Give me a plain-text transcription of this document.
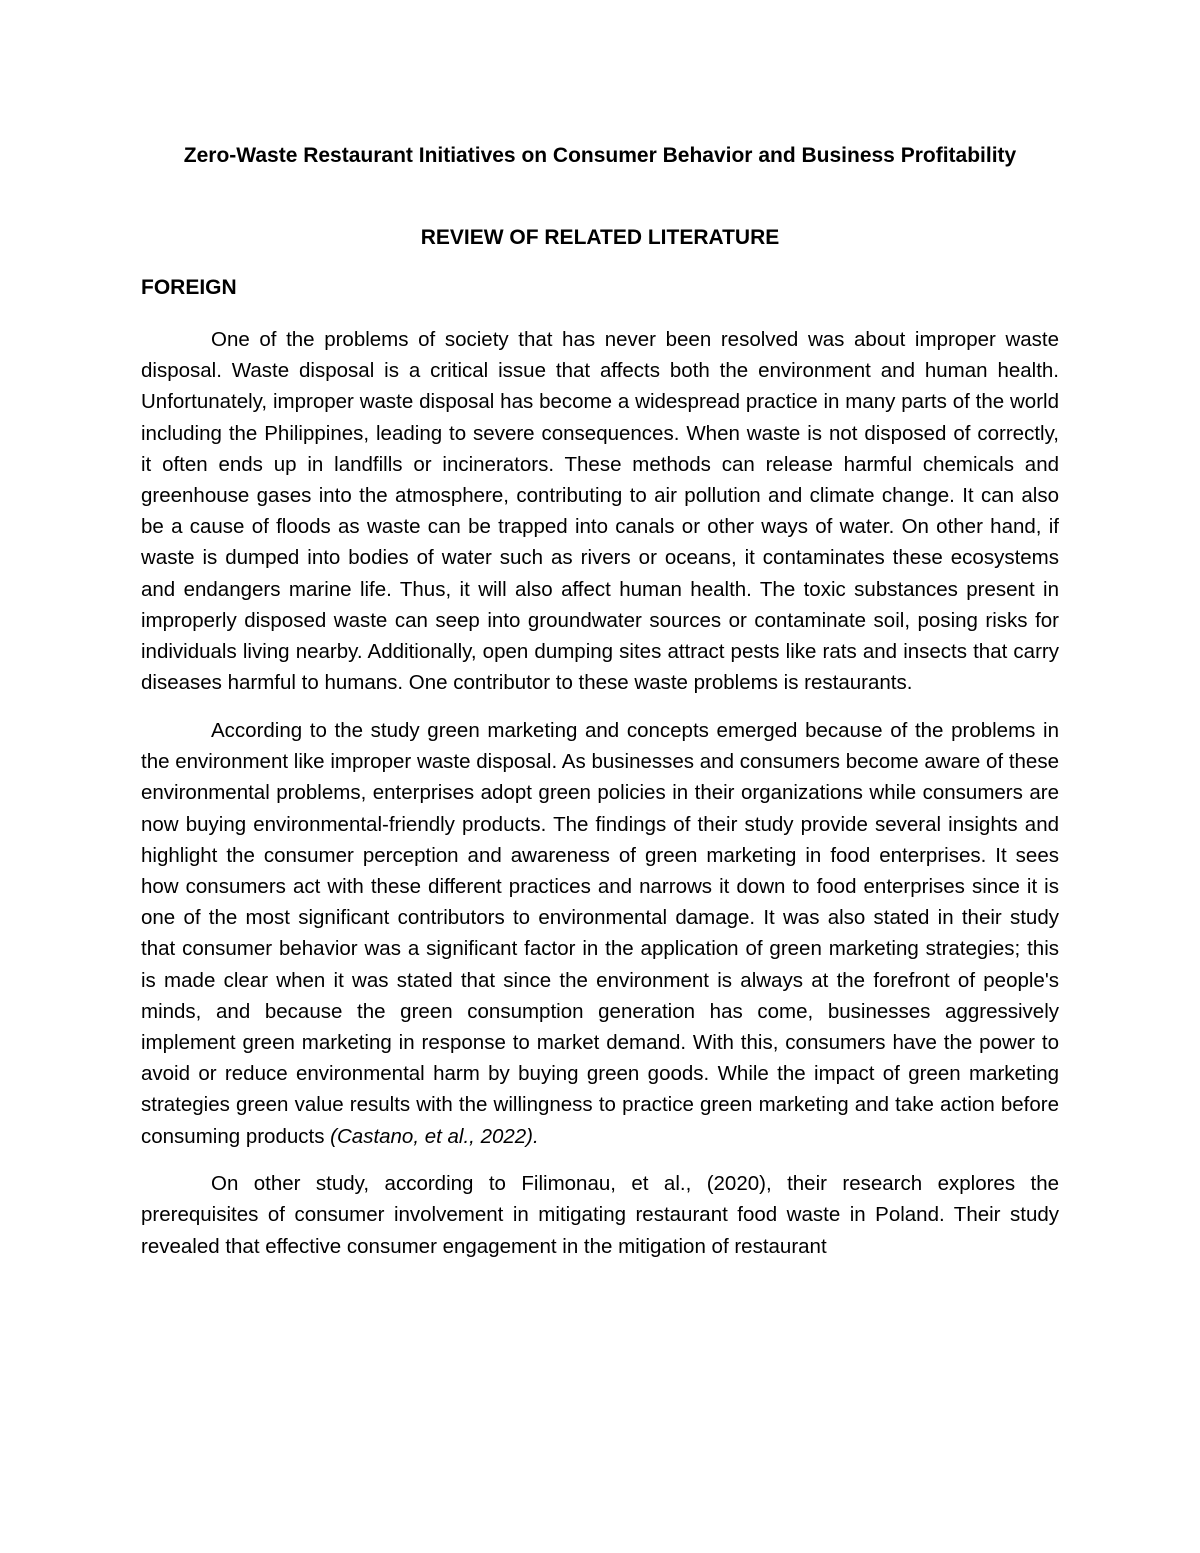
Zero-Waste Restaurant Initiatives on Consumer Behavior and Business Profitability
REVIEW OF RELATED LITERATURE
FOREIGN

One of the problems of society that has never been resolved was about improper waste disposal. Waste disposal is a critical issue that affects both the environment and human health. Unfortunately, improper waste disposal has become a widespread practice in many parts of the world including the Philippines, leading to severe consequences. When waste is not disposed of correctly, it often ends up in landfills or incinerators. These methods can release harmful chemicals and greenhouse gases into the atmosphere, contributing to air pollution and climate change. It can also be a cause of floods as waste can be trapped into canals or other ways of water. On other hand, if waste is dumped into bodies of water such as rivers or oceans, it contaminates these ecosystems and endangers marine life. Thus, it will also affect human health. The toxic substances present in improperly disposed waste can seep into groundwater sources or contaminate soil, posing risks for individuals living nearby. Additionally, open dumping sites attract pests like rats and insects that carry diseases harmful to humans. One contributor to these waste problems is restaurants.

According to the study green marketing and concepts emerged because of the problems in the environment like improper waste disposal. As businesses and consumers become aware of these environmental problems, enterprises adopt green policies in their organizations while consumers are now buying environmental-friendly products. The findings of their study provide several insights and highlight the consumer perception and awareness of green marketing in food enterprises. It sees how consumers act with these different practices and narrows it down to food enterprises since it is one of the most significant contributors to environmental damage. It was also stated in their study that consumer behavior was a significant factor in the application of green marketing strategies; this is made clear when it was stated that since the environment is always at the forefront of people's minds, and because the green consumption generation has come, businesses aggressively implement green marketing in response to market demand. With this, consumers have the power to avoid or reduce environmental harm by buying green goods. While the impact of green marketing strategies green value results with the willingness to practice green marketing and take action before consuming products (Castano, et al., 2022).

On other study, according to Filimonau, et al., (2020), their research explores the prerequisites of consumer involvement in mitigating restaurant food waste in Poland. Their study revealed that effective consumer engagement in the mitigation of restaurant
